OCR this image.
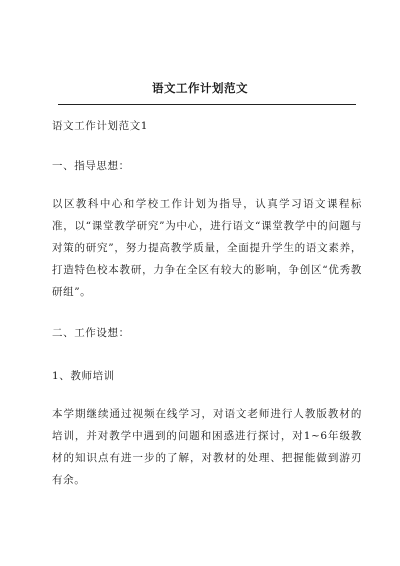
语文工作计划范文
语文工作计划范文1
一、指导思想：
以区教科中心和学校工作计划为指导，认真学习语文课程标准，以“课堂教学研究”为中心，进行语文“课堂教学中的问题与对策的研究”，努力提高教学质量，全面提升学生的语文素养，打造特色校本教研，力争在全区有较大的影响，争创区“优秀教研组”。
二、工作设想：
1、教师培训
本学期继续通过视频在线学习，对语文老师进行人教版教材的培训，并对教学中遇到的问题和困惑进行探讨，对1~6年级教材的知识点有进一步的了解，对教材的处理、把握能做到游刃有余。
